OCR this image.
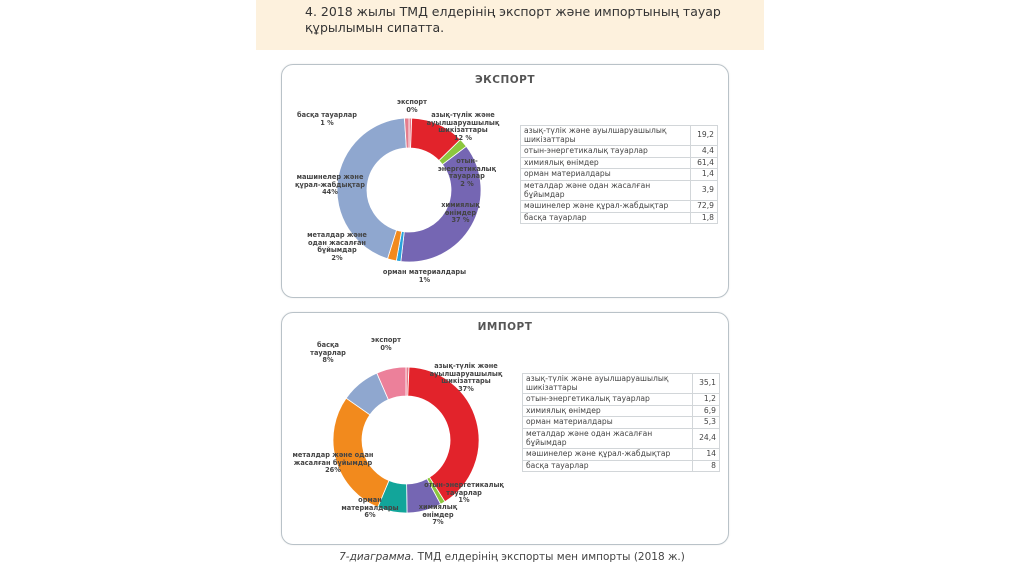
4. 2018 жылы ТМД елдерінің экспорт және импортының тауар құрылымын сипатта.
ЭКСПОРТ
экспорт
0%
басқа тауарлар
1 %
азық-түлік және ауылшаруашылық шикізаттары
12 %
отын-энергетикалық тауарлар
2 %
машинелер және құрал-жабдықтар
44%
химиялық өнімдер
37 %
металдар және одан жасалған бұйымдар
2%
орман материалдары
1%
азық-түлік және ауылшаруашылық шикізаттары	19,2
отын-энергетикалық тауарлар	4,4
химиялық өнімдер	61,4
орман материалдары	1,4
металдар және одан жасалған бұйымдар	3,9
мәшинелер және құрал-жабдықтар	72,9
басқа тауарлар	1,8
ИМПОРТ
экспорт
0%
басқа тауарлар
8%
азық-түлік және ауылшаруашылық шикізаттары
37%
металдар және одан жасалған бұйымдар
26%
отын-энергетикалық тауарлар
1%
орман материалдары
6%
химиялық өнімдер
7%
азық-түлік және ауылшаруашылық шикізаттары	35,1
отын-энергетикалық тауарлар	1,2
химиялық өнімдер	6,9
орман материалдары	5,3
металдар және одан жасалған бұйымдар	24,4
мәшинелер және құрал-жабдықтар	14
басқа тауарлар	8
7-диаграмма. ТМД елдерінің экспорты мен импорты (2018 ж.)
